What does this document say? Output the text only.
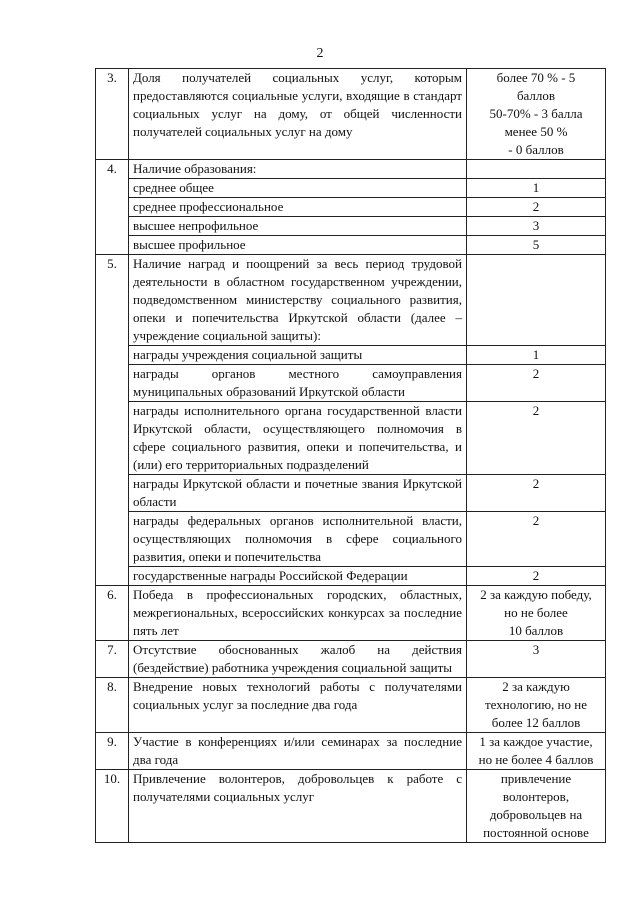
2
3.	Доля получателей социальных услуг, которым предоставляются социальные услуги, входящие в стандарт социальных услуг на дому, от общей численности получателей социальных услуг на дому	более 70 % - 5
баллов
50-70% - 3 балла
менее 50 %
- 0 баллов

4.	Наличие образования:	
	среднее общее	1
	среднее профессиональное	2
	высшее непрофильное	3
	высшее профильное	5
5.	Наличие наград и поощрений за весь период трудовой деятельности в областном государственном учреждении, подведомственном министерству социального развития, опеки и попечительства Иркутской области (далее – учреждение социальной защиты):	
	награды учреждения социальной защиты	1
	награды органов местного самоуправления муниципальных образований Иркутской области	2
	награды исполнительного органа государственной власти Иркутской области, осуществляющего полномочия в сфере социального развития, опеки и попечительства, и (или) его территориальных подразделений	2
	награды Иркутской области и почетные звания Иркутской области	2
	награды федеральных органов исполнительной власти, осуществляющих полномочия в сфере социального развития, опеки и попечительства	2
	государственные награды Российской Федерации	2
6.	Победа в профессиональных городских, областных, межрегиональных, всероссийских конкурсах за последние пять лет	2 за каждую победу,
но не более
10 баллов

7.	Отсутствие обоснованных жалоб на действия (бездействие) работника учреждения социальной защиты	3

8.	Внедрение новых технологий работы с получателями социальных услуг за последние два года	2 за каждую
технологию, но не
более 12 баллов

9.	Участие в конференциях и/или семинарах за последние два года	1 за каждое участие,
но не более 4 баллов

10.	Привлечение волонтеров, добровольцев к работе с получателями социальных услуг	привлечение
волонтеров,
добровольцев на
постоянной основе
